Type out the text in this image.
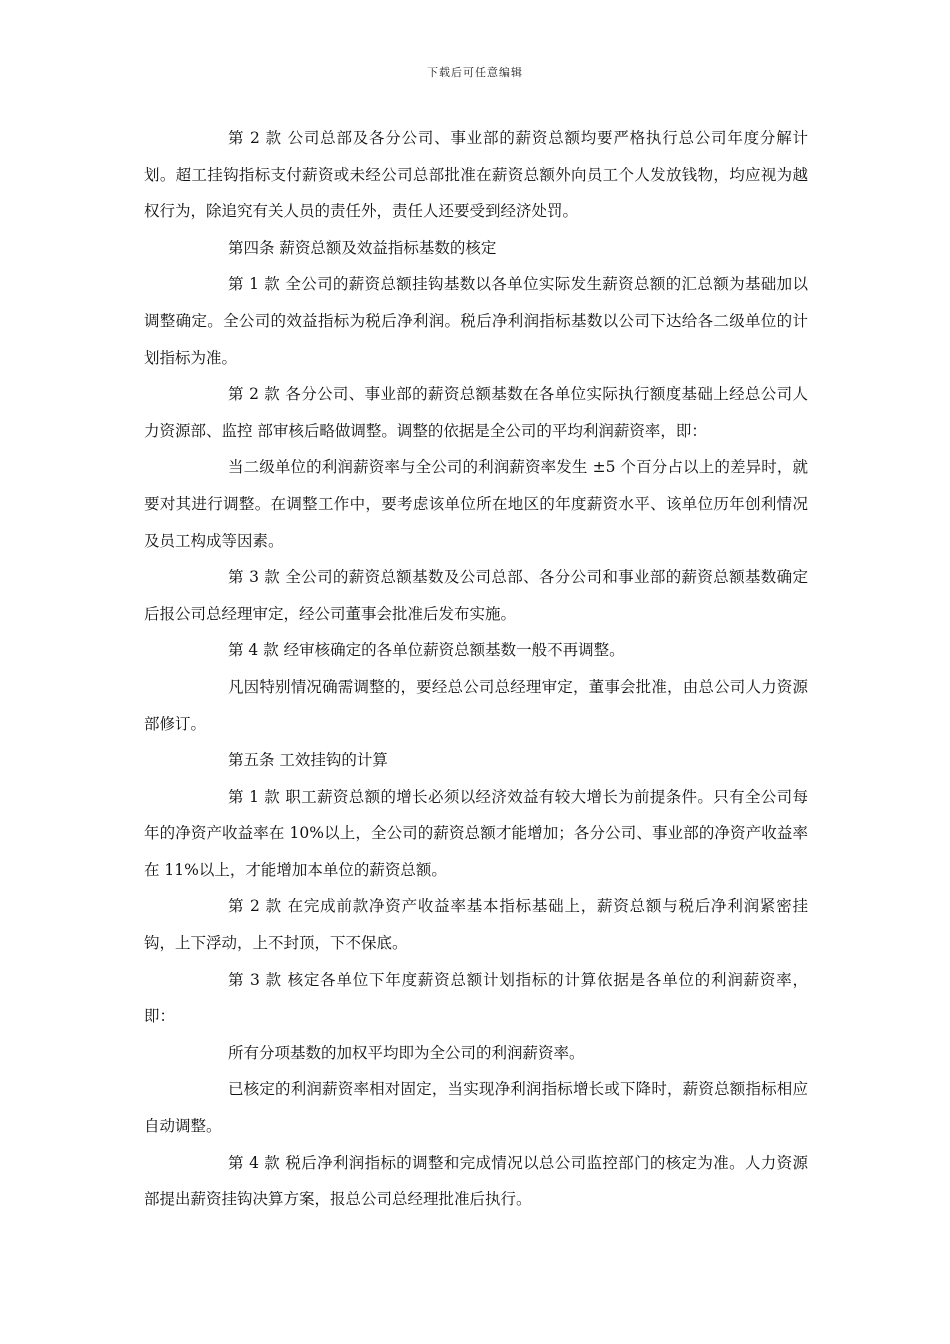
下载后可任意编辑

第 2 款 公司总部及各分公司、事业部的薪资总额均要严格执行总公司年度分解计划。超工挂钩指标支付薪资或未经公司总部批准在薪资总额外向员工个人发放钱物，均应视为越权行为，除追究有关人员的责任外，责任人还要受到经济处罚。

第四条 薪资总额及效益指标基数的核定

第 1 款 全公司的薪资总额挂钩基数以各单位实际发生薪资总额的汇总额为基础加以调整确定。全公司的效益指标为税后净利润。税后净利润指标基数以公司下达给各二级单位的计划指标为准。

第 2 款 各分公司、事业部的薪资总额基数在各单位实际执行额度基础上经总公司人力资源部、监控 部审核后略做调整。调整的依据是全公司的平均利润薪资率，即：

当二级单位的利润薪资率与全公司的利润薪资率发生 ±5 个百分占以上的差异时，就要对其进行调整。在调整工作中，要考虑该单位所在地区的年度薪资水平、该单位历年创利情况及员工构成等因素。

第 3 款 全公司的薪资总额基数及公司总部、各分公司和事业部的薪资总额基数确定后报公司总经理审定，经公司董事会批准后发布实施。

第 4 款 经审核确定的各单位薪资总额基数一般不再调整。

凡因特别情况确需调整的，要经总公司总经理审定，董事会批准，由总公司人力资源部修订。

第五条 工效挂钩的计算

第 1 款 职工薪资总额的增长必须以经济效益有较大增长为前提条件。只有全公司每年的净资产收益率在 10%以上，全公司的薪资总额才能增加；各分公司、事业部的净资产收益率在 11%以上，才能增加本单位的薪资总额。

第 2 款 在完成前款净资产收益率基本指标基础上，薪资总额与税后净利润紧密挂钩，上下浮动，上不封顶，下不保底。

第 3 款 核定各单位下年度薪资总额计划指标的计算依据是各单位的利润薪资率，即：

所有分项基数的加权平均即为全公司的利润薪资率。

已核定的利润薪资率相对固定，当实现净利润指标增长或下降时，薪资总额指标相应自动调整。

第 4 款 税后净利润指标的调整和完成情况以总公司监控部门的核定为准。人力资源部提出薪资挂钩决算方案，报总公司总经理批准后执行。
